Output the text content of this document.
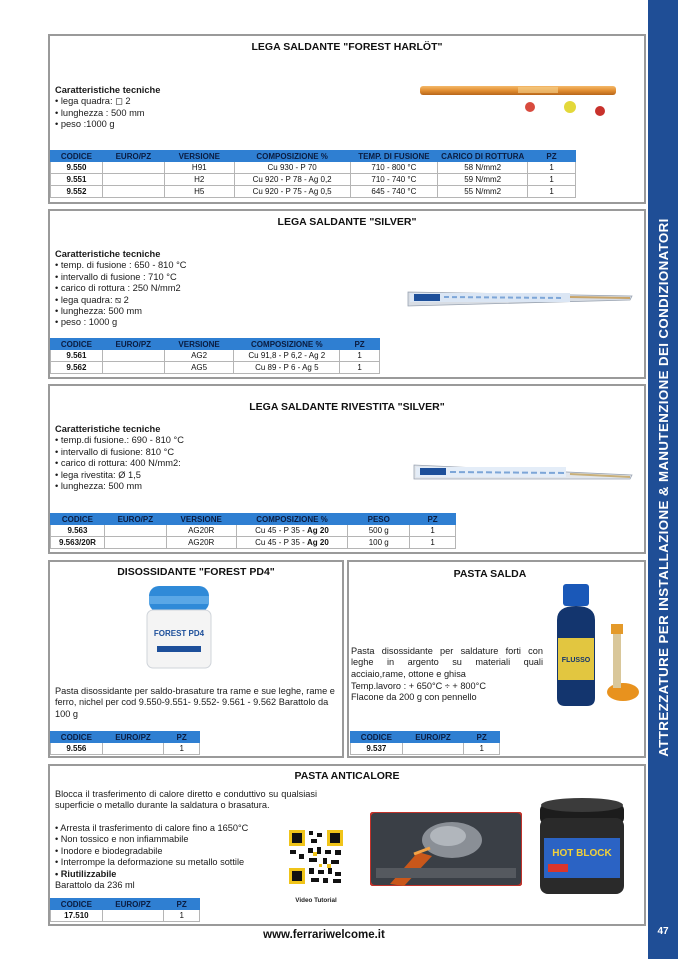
ATTREZZATURE PER INSTALLAZIONE & MANUTENZIONE DEI CONDIZIONATORI
47
LEGA SALDANTE "FOREST HARLÖT"
Caratteristiche tecniche
• lega quadra: ◻ 2
• lunghezza : 500 mm
• peso :1000 g
CODICE	EURO/PZ	VERSIONE	COMPOSIZIONE %	TEMP. DI FUSIONE	CARICO DI ROTTURA	PZ
9.550		H91	Cu 930 - P 70	710 - 800 °C	58 N/mm2	1
9.551		H2	Cu 920 - P 78 - Ag 0,2	710 - 740 °C	59 N/mm2	1
9.552		H5	Cu 920 - P 75 - Ag 0,5	645 - 740 °C	55 N/mm2	1
LEGA SALDANTE "SILVER"
Caratteristiche tecniche
• temp. di fusione : 650 - 810 °C
• intervallo di fusione : 710 °C
• carico di rottura : 250 N/mm2
• lega quadra: ⧅ 2
• lunghezza: 500 mm
• peso : 1000 g
CODICE	EURO/PZ	VERSIONE	COMPOSIZIONE %	PZ
9.561		AG2	Cu 91,8 - P 6,2 - Ag 2	1
9.562		AG5	Cu 89 - P 6 - Ag 5	1
LEGA SALDANTE RIVESTITA "SILVER"
Caratteristiche tecniche
• temp.di fusione.: 690 - 810 °C
• intervallo di fusione: 810 °C
• carico di rottura: 400 N/mm2:
• lega rivestita: Ø 1,5
• lunghezza: 500 mm
CODICE	EURO/PZ	VERSIONE	COMPOSIZIONE %	PESO	PZ
9.563		AG20R	Cu 45 - P 35 - Ag 20	500 g	1
9.563/20R		AG20R	Cu 45 - P 35 - Ag 20	100 g	1
DISOSSIDANTE "FOREST PD4"
FOREST PD4
Pasta disossidante per saldo-brasature tra rame e sue leghe, rame e ferro, nichel per cod 9.550-9.551- 9.552- 9.561 - 9.562 Barattolo da 100 g
CODICE	EURO/PZ	PZ
9.556		1
PASTA SALDA
FLUSSO
Pasta disossidante per saldature forti con leghe in argento su materiali quali acciaio,rame, ottone e ghisa
Temp.lavoro : + 650°C ÷ + 800°C
Flacone da 200 g con pennello
CODICE	EURO/PZ	PZ
9.537		1
PASTA ANTICALORE
Blocca il trasferimento di calore diretto e conduttivo su qualsiasi superficie o metallo durante la saldatura o brasatura.
• Arresta il trasferimento di calore fino a 1650°C
• Non tossico e non infiammabile
• Inodore e biodegradabile
• Interrompe la deformazione su metallo sottile
• Riutilizzabile
Barattolo da 236 ml
Video Tutorial
HOT BLOCK
CODICE	EURO/PZ	PZ
17.510		1
www.ferrariwelcome.it
